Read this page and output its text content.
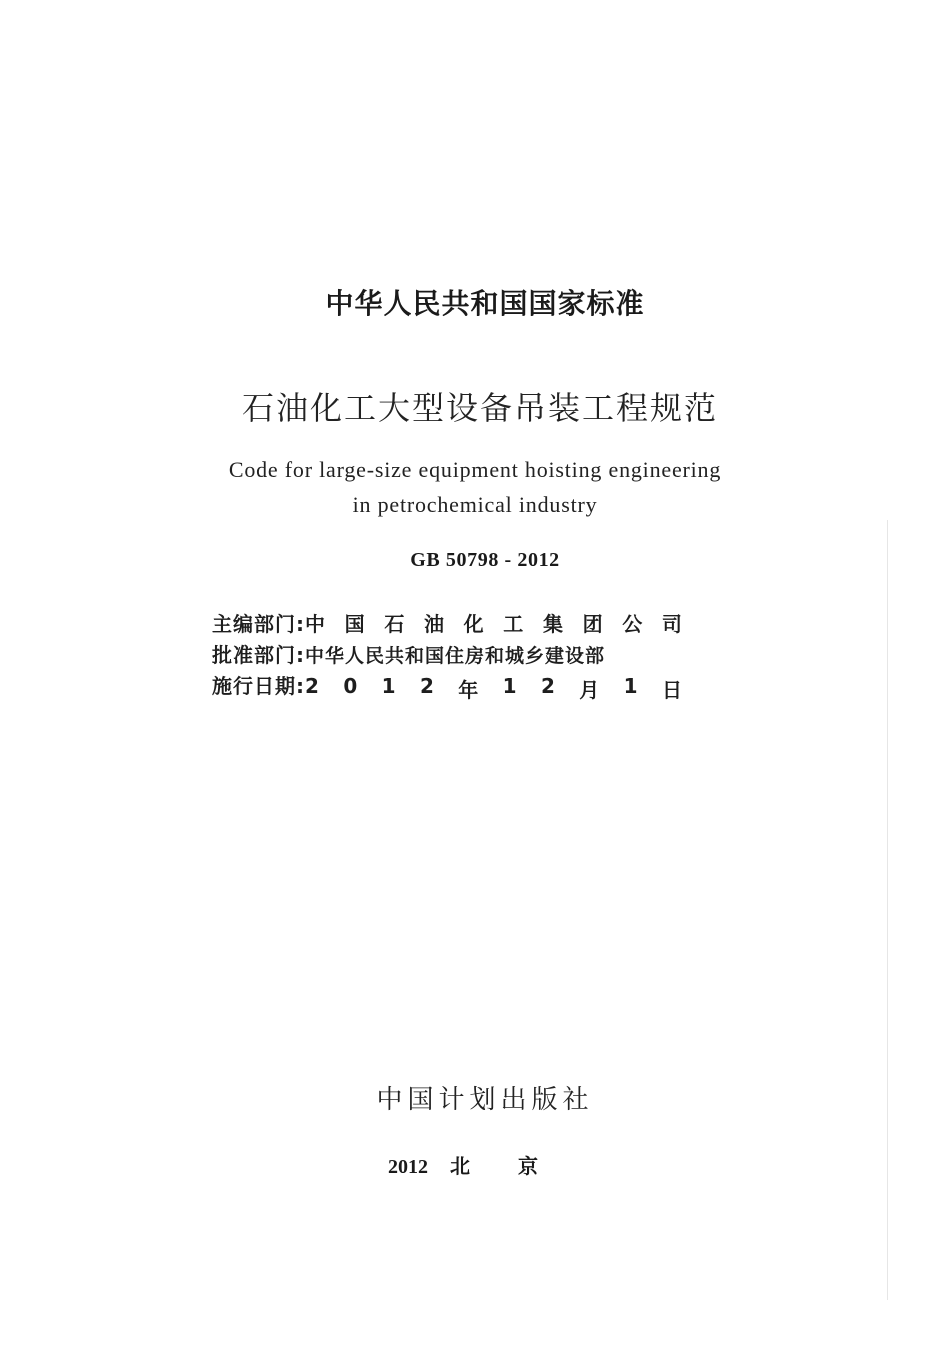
中华人民共和国国家标准
石油化工大型设备吊装工程规范
Code for large-size equipment hoisting engineering
in petrochemical industry
GB 50798 - 2012
主编部门: 中 国 石 油 化 工 集 团 公 司
批准部门: 中华人民共和国住房和城乡建设部
施行日期: 2 0 1 2 年 1 2 月 1 日
中国计划出版社
2012 北京
